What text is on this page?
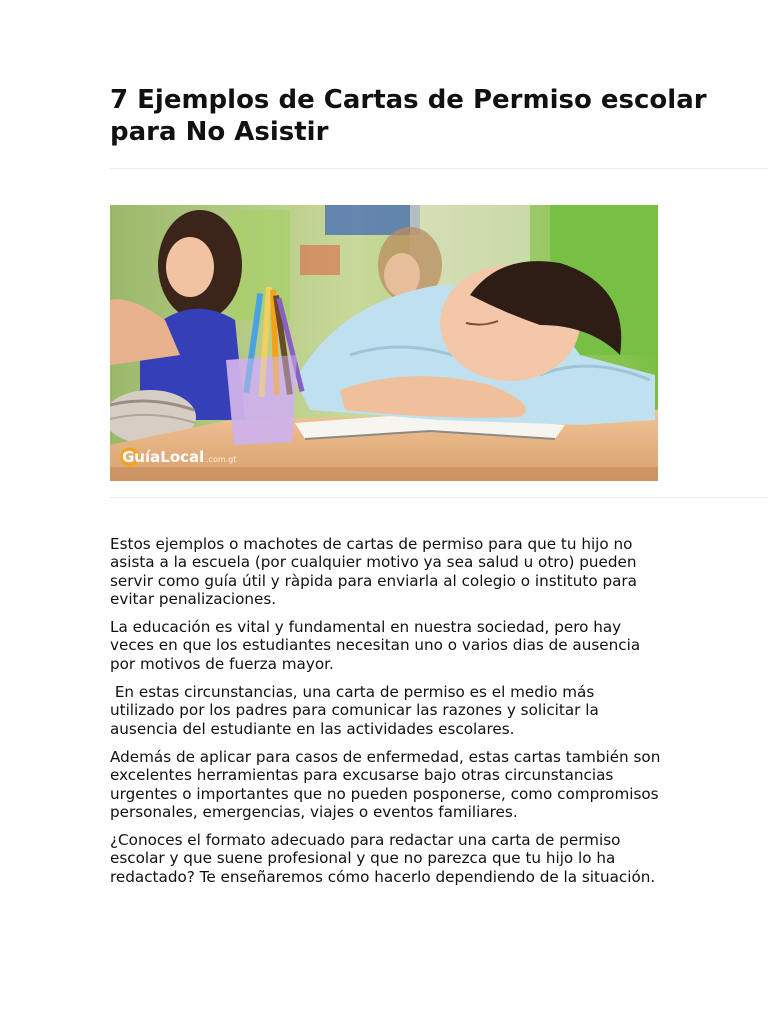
7 Ejemplos de Cartas de Permiso escolar para No Asistir
GuíaLocal .com.gt

Estos ejemplos o machotes de cartas de permiso para que tu hijo no asista a la escuela (por cualquier motivo ya sea salud u otro) pueden servir como guía útil y ràpida para enviarla al colegio o instituto para evitar penalizaciones.

La educación es vital y fundamental en nuestra sociedad, pero hay veces en que los estudiantes necesitan uno o varios dias de ausencia por motivos de fuerza mayor.

En estas circunstancias, una carta de permiso es el medio más utilizado por los padres para comunicar las razones y solicitar la ausencia del estudiante en las actividades escolares.

Además de aplicar para casos de enfermedad, estas cartas también son excelentes herramientas para excusarse bajo otras circunstancias urgentes o importantes que no pueden posponerse, como compromisos personales, emergencias, viajes o eventos familiares.

¿Conoces el formato adecuado para redactar una carta de permiso escolar y que suene profesional y que no parezca que tu hijo lo ha redactado? Te enseñaremos cómo hacerlo dependiendo de la situación.
